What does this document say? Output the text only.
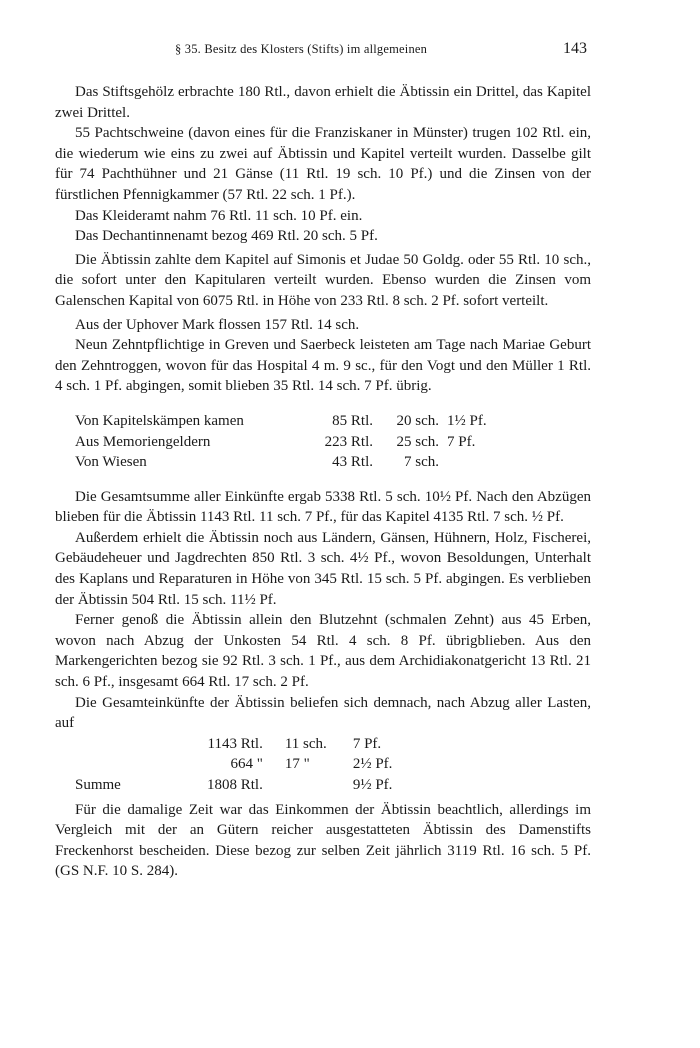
§ 35. Besitz des Klosters (Stifts) im allgemeinen	143

Das Stiftsgehölz erbrachte 180 Rtl., davon erhielt die Äbtissin ein Drittel, das Kapitel zwei Drittel.

55 Pachtschweine (davon eines für die Franziskaner in Münster) trugen 102 Rtl. ein, die wiederum wie eins zu zwei auf Äbtissin und Kapitel verteilt wurden. Dasselbe gilt für 74 Pachthühner und 21 Gänse (11 Rtl. 19 sch. 10 Pf.) und die Zinsen von der fürstlichen Pfennigkammer (57 Rtl. 22 sch. 1 Pf.).

Das Kleideramt nahm 76 Rtl. 11 sch. 10 Pf. ein.

Das Dechantinnenamt bezog 469 Rtl. 20 sch. 5 Pf.

Die Äbtissin zahlte dem Kapitel auf Simonis et Judae 50 Goldg. oder 55 Rtl. 10 sch., die sofort unter den Kapitularen verteilt wurden. Ebenso wurden die Zinsen vom Galenschen Kapital von 6075 Rtl. in Höhe von 233 Rtl. 8 sch. 2 Pf. sofort verteilt.

Aus der Uphover Mark flossen 157 Rtl. 14 sch.

Neun Zehntpflichtige in Greven und Saerbeck leisteten am Tage nach Mariae Geburt den Zehntroggen, wovon für das Hospital 4 m. 9 sc., für den Vogt und den Müller 1 Rtl. 4 sch. 1 Pf. abgingen, somit blieben 35 Rtl. 14 sch. 7 Pf. übrig.

Von Kapitelskämpen kamen	85 Rtl.	20 sch.	1½ Pf.
Aus Memoriengeldern	223 Rtl.	25 sch.	7 Pf.
Von Wiesen	43 Rtl.	7 sch.	

Die Gesamtsumme aller Einkünfte ergab 5338 Rtl. 5 sch. 10½ Pf. Nach den Abzügen blieben für die Äbtissin 1143 Rtl. 11 sch. 7 Pf., für das Kapitel 4135 Rtl. 7 sch. ½ Pf.

Außerdem erhielt die Äbtissin noch aus Ländern, Gänsen, Hühnern, Holz, Fischerei, Gebäudeheuer und Jagdrechten 850 Rtl. 3 sch. 4½ Pf., wovon Besoldungen, Unterhalt des Kaplans und Reparaturen in Höhe von 345 Rtl. 15 sch. 5 Pf. abgingen. Es verblieben der Äbtissin 504 Rtl. 15 sch. 11½ Pf.

Ferner genoß die Äbtissin allein den Blutzehnt (schmalen Zehnt) aus 45 Erben, wovon nach Abzug der Unkosten 54 Rtl. 4 sch. 8 Pf. übrigblieben. Aus den Markengerichten bezog sie 92 Rtl. 3 sch. 1 Pf., aus dem Archidiakonatgericht 13 Rtl. 21 sch. 6 Pf., insgesamt 664 Rtl. 17 sch. 2 Pf.

Die Gesamteinkünfte der Äbtissin beliefen sich demnach, nach Abzug aller Lasten, auf

	1143 Rtl.	11 sch.	7 Pf.
	664 "	17 "	2½ Pf.
Summe	1808 Rtl.		9½ Pf.

Für die damalige Zeit war das Einkommen der Äbtissin beachtlich, allerdings im Vergleich mit der an Gütern reicher ausgestatteten Äbtissin des Damenstifts Freckenhorst bescheiden. Diese bezog zur selben Zeit jährlich 3119 Rtl. 16 sch. 5 Pf. (GS N.F. 10 S. 284).
